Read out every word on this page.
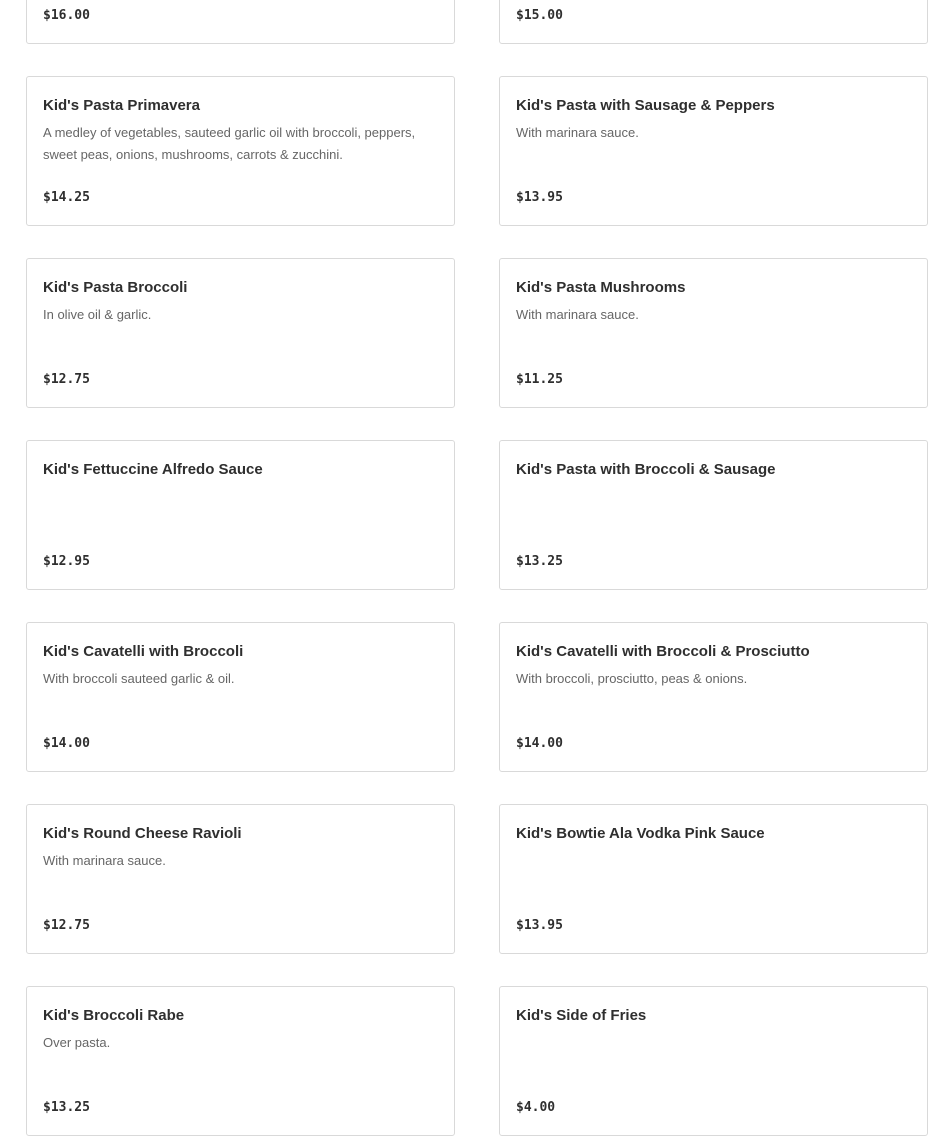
$16.00	$15.00
Kid's Pasta Primavera
A medley of vegetables, sauteed garlic oil with broccoli, peppers, sweet peas, onions, mushrooms, carrots & zucchini.
$14.25
Kid's Pasta with Sausage & Peppers
With marinara sauce.
$13.95
Kid's Pasta Broccoli
In olive oil & garlic.
$12.75
Kid's Pasta Mushrooms
With marinara sauce.
$11.25
Kid's Fettuccine Alfredo Sauce
$12.95
Kid's Pasta with Broccoli & Sausage
$13.25
Kid's Cavatelli with Broccoli
With broccoli sauteed garlic & oil.
$14.00
Kid's Cavatelli with Broccoli & Prosciutto
With broccoli, prosciutto, peas & onions.
$14.00
Kid's Round Cheese Ravioli
With marinara sauce.
$12.75
Kid's Bowtie Ala Vodka Pink Sauce
$13.95
Kid's Broccoli Rabe
Over pasta.
$13.25
Kid's Side of Fries
$4.00
